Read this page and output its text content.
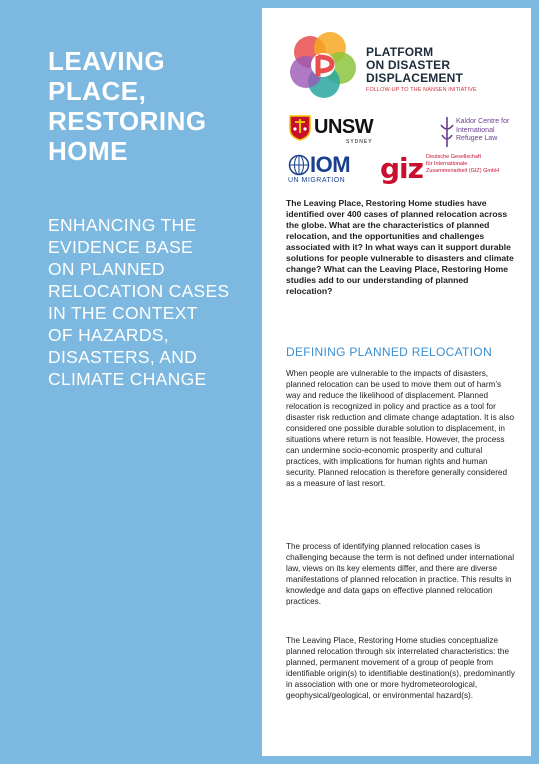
LEAVING
PLACE,
RESTORING
HOME
ENHANCING THE
EVIDENCE BASE
ON PLANNED
RELOCATION CASES
IN THE CONTEXT
OF HAZARDS,
DISASTERS, AND
CLIMATE CHANGE
PLATFORM
ON DISASTER
DISPLACEMENT
FOLLOW-UP TO THE NANSEN INITIATIVE
UNSW
SYDNEY
Kaldor Centre for
International
Refugee Law
IOM
UN MIGRATION giz Deutsche Gesellschaft
für Internationale
Zusammenarbeit (GIZ) GmbH
The Leaving Place, Restoring Home studies have identified over 400 cases of planned relocation across the globe. What are the characteristics of planned relocation, and the opportunities and challenges associated with it? In what ways can it support durable solutions for people vulnerable to disasters and climate change? What can the Leaving Place, Restoring Home studies add to our understanding of planned relocation?
DEFINING PLANNED RELOCATION
When people are vulnerable to the impacts of disasters, planned relocation can be used to move them out of harm’s way and reduce the likelihood of displacement. Planned relocation is recognized in policy and practice as a tool for disaster risk reduction and climate change adaptation. It is also considered one possible durable solution to displacement, in situations where return is not feasible. However, the process can undermine socio-economic prosperity and cultural practices, with implications for human rights and human security. Planned relocation is therefore generally considered as a measure of last resort.
The process of identifying planned relocation cases is challenging because the term is not defined under international law, views on its key elements differ, and there are diverse manifestations of planned relocation in practice. This results in knowledge and data gaps on effective planned relocation practices.
The Leaving Place, Restoring Home studies conceptualize planned relocation through six interrelated characteristics: the planned, permanent movement of a group of people from identifiable origin(s) to identifiable destination(s), predominantly in association with one or more hydrometeorological, geophysical/geological, or environmental hazard(s).
